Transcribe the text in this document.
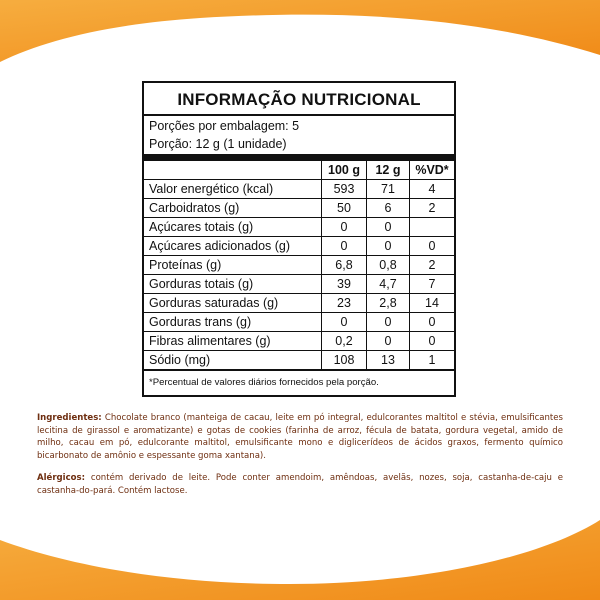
INFORMAÇÃO NUTRICIONAL
Porções por embalagem: 5
Porção: 12 g (1 unidade)
	100 g	12 g	%VD*
Valor energético (kcal)	593	71	4
Carboidratos (g)	50	6	2
Açúcares totais (g)	0	0	
Açúcares adicionados (g)	0	0	0
Proteínas (g)	6,8	0,8	2
Gorduras totais (g)	39	4,7	7
Gorduras saturadas (g)	23	2,8	14
Gorduras trans (g)	0	0	0
Fibras alimentares (g)	0,2	0	0
Sódio (mg)	108	13	1
*Percentual de valores diários fornecidos pela porção.
Ingredientes: Chocolate branco (manteiga de cacau, leite em pó integral, edulcorantes maltitol e stévia, emulsificantes lecitina de girassol e aromatizante) e gotas de cookies (farinha de arroz, fécula de batata, gordura vegetal, amido de milho, cacau em pó, edulcorante maltitol, emulsificante mono e diglicerídeos de ácidos graxos, fermento químico bicarbonato de amônio e espessante goma xantana).
Alérgicos: contém derivado de leite. Pode conter amendoim, amêndoas, avelãs, nozes, soja, castanha-de-caju e castanha-do-pará. Contém lactose.
